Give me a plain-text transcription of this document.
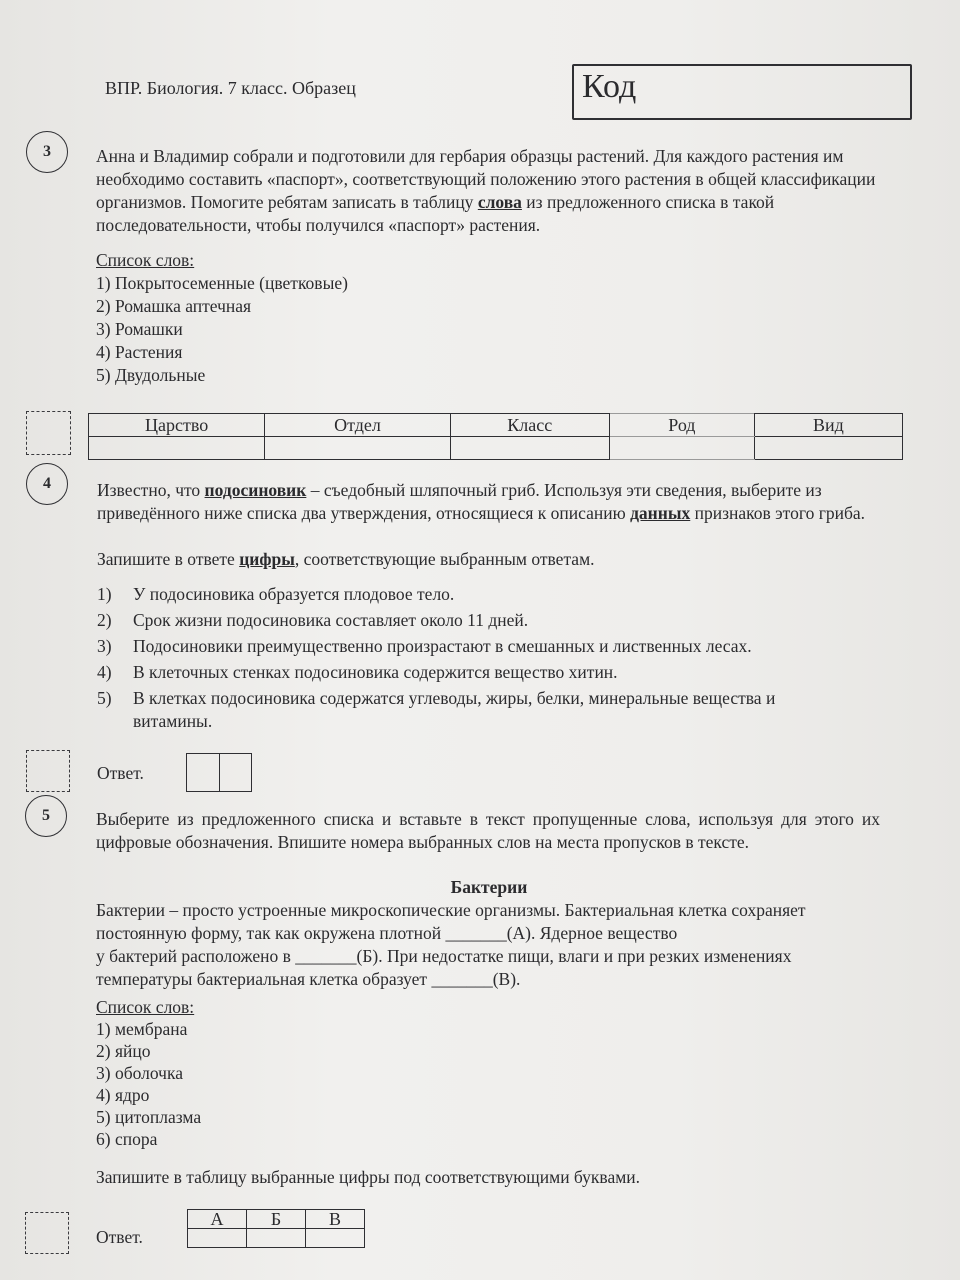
ВПР. Биология. 7 класс. Образец	Код
3	Анна и Владимир собрали и подготовили для гербария образцы растений. Для каждого растения им необходимо составить «паспорт», соответствующий положению этого растения в общей классификации организмов. Помогите ребятам записать в таблицу слова из предложенного списка в такой последовательности, чтобы получился «паспорт» растения.
Список слов:
1) Покрытосеменные (цветковые)
2) Ромашка аптечная
3) Ромашки
4) Растения
5) Двудольные
Царство	Отдел	Класс	Род	Вид

4	Известно, что подосиновик – съедобный шляпочный гриб. Используя эти сведения, выберите из приведённого ниже списка два утверждения, относящиеся к описанию данных признаков этого гриба.
Запишите в ответе цифры, соответствующие выбранным ответам.
1)	У подосиновика образуется плодовое тело.
2)	Срок жизни подосиновика составляет около 11 дней.
3)	Подосиновики преимущественно произрастают в смешанных и лиственных лесах.
4)	В клеточных стенках подосиновика содержится вещество хитин.
5)	В клетках подосиновика содержатся углеводы, жиры, белки, минеральные вещества и витамины.
Ответ.
5	Выберите из предложенного списка и вставьте в текст пропущенные слова, используя для этого их цифровые обозначения. Впишите номера выбранных слов на места пропусков в тексте.
Бактерии
Бактерии – просто устроенные микроскопические организмы. Бактериальная клетка сохраняет
постоянную форму, так как окружена плотной _______(А). Ядерное вещество
у бактерий расположено в _______(Б). При недостатке пищи, влаги и при резких изменениях
температуры бактериальная клетка образует _______(В).
Список слов:
1) мембрана
2) яйцо
3) оболочка
4) ядро
5) цитоплазма
6) спора
Запишите в таблицу выбранные цифры под соответствующими буквами.
Ответ.
А	Б	В
